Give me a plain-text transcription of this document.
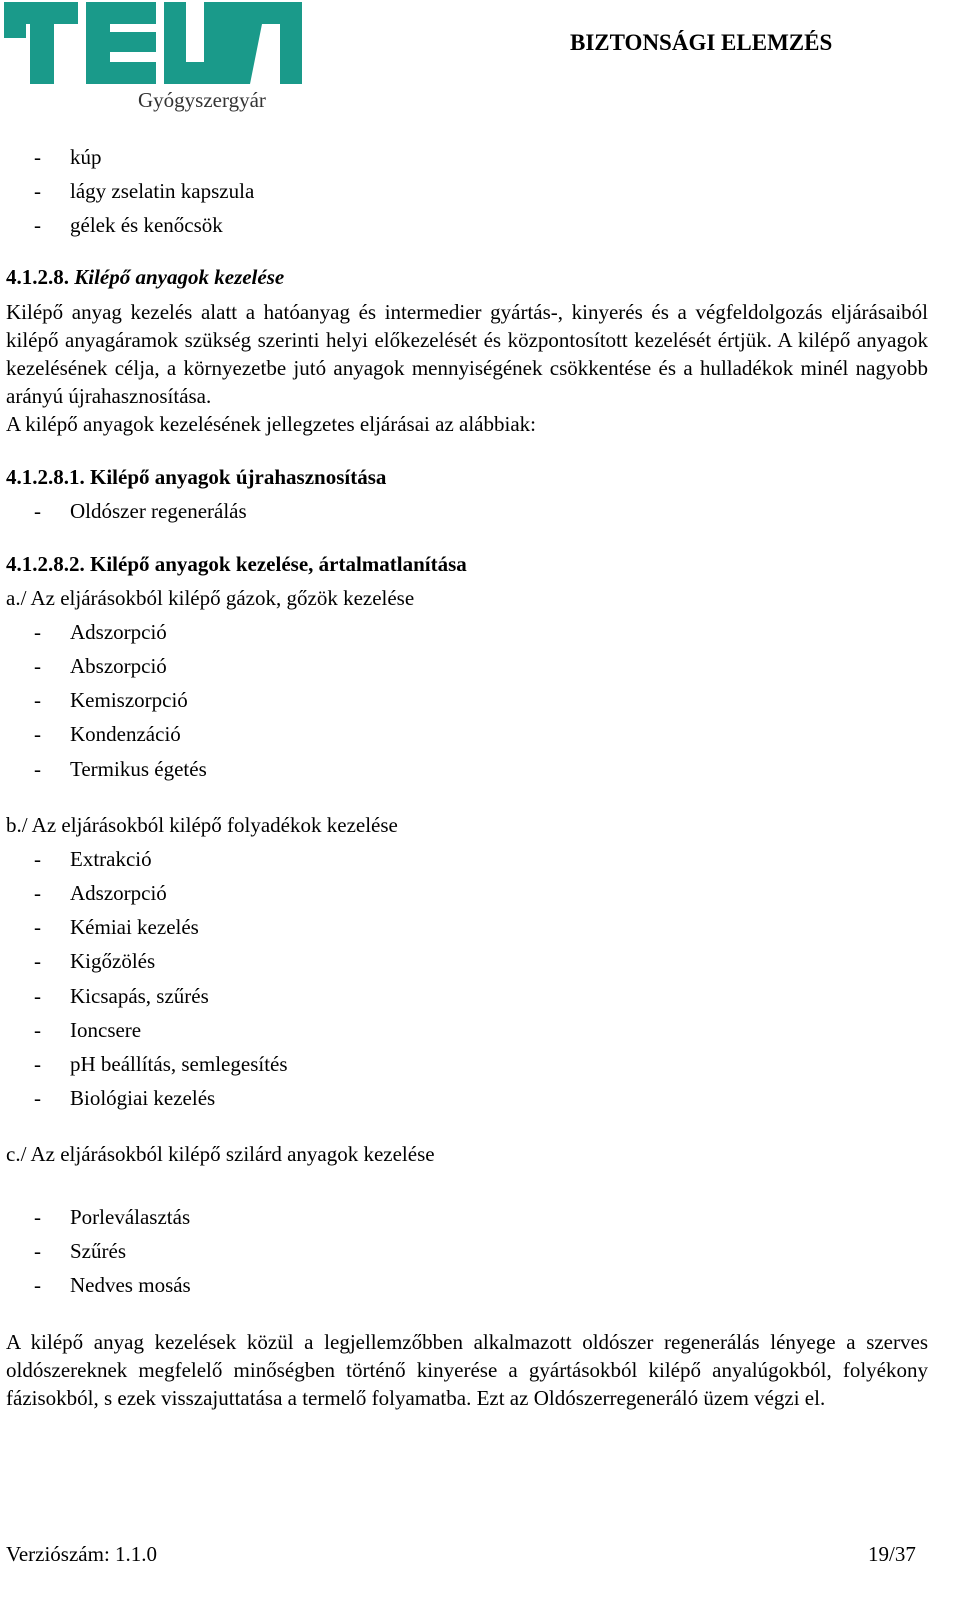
Gyógyszergyár
BIZTONSÁGI ELEMZÉS
- kúp
- lágy zselatin kapszula
- gélek és kenőcsök
4.1.2.8. Kilépő anyagok kezelése
Kilépő anyag kezelés alatt a hatóanyag és intermedier gyártás-, kinyerés és a végfeldolgozás eljárásaiból kilépő anyagáramok szükség szerinti helyi előkezelését és központosított kezelését értjük. A kilépő anyagok kezelésének célja, a környezetbe jutó anyagok mennyiségének csökkentése és a hulladékok minél nagyobb arányú újrahasznosítása.
A kilépő anyagok kezelésének jellegzetes eljárásai az alábbiak:
4.1.2.8.1. Kilépő anyagok újrahasznosítása
- Oldószer regenerálás
4.1.2.8.2. Kilépő anyagok kezelése, ártalmatlanítása
a./ Az eljárásokból kilépő gázok, gőzök kezelése
- Adszorpció
- Abszorpció
- Kemiszorpció
- Kondenzáció
- Termikus égetés
b./ Az eljárásokból kilépő folyadékok kezelése
- Extrakció
- Adszorpció
- Kémiai kezelés
- Kigőzölés
- Kicsapás, szűrés
- Ioncsere
- pH beállítás, semlegesítés
- Biológiai kezelés
c./ Az eljárásokból kilépő szilárd anyagok kezelése
- Porleválasztás
- Szűrés
- Nedves mosás
A kilépő anyag kezelések közül a legjellemzőbben alkalmazott oldószer regenerálás lényege a szerves oldószereknek megfelelő minőségben történő kinyerése a gyártásokból kilépő anyalúgokból, folyékony fázisokból, s ezek visszajuttatása a termelő folyamatba. Ezt az Oldószerregeneráló üzem végzi el.
Verziószám: 1.1.0	19/37
